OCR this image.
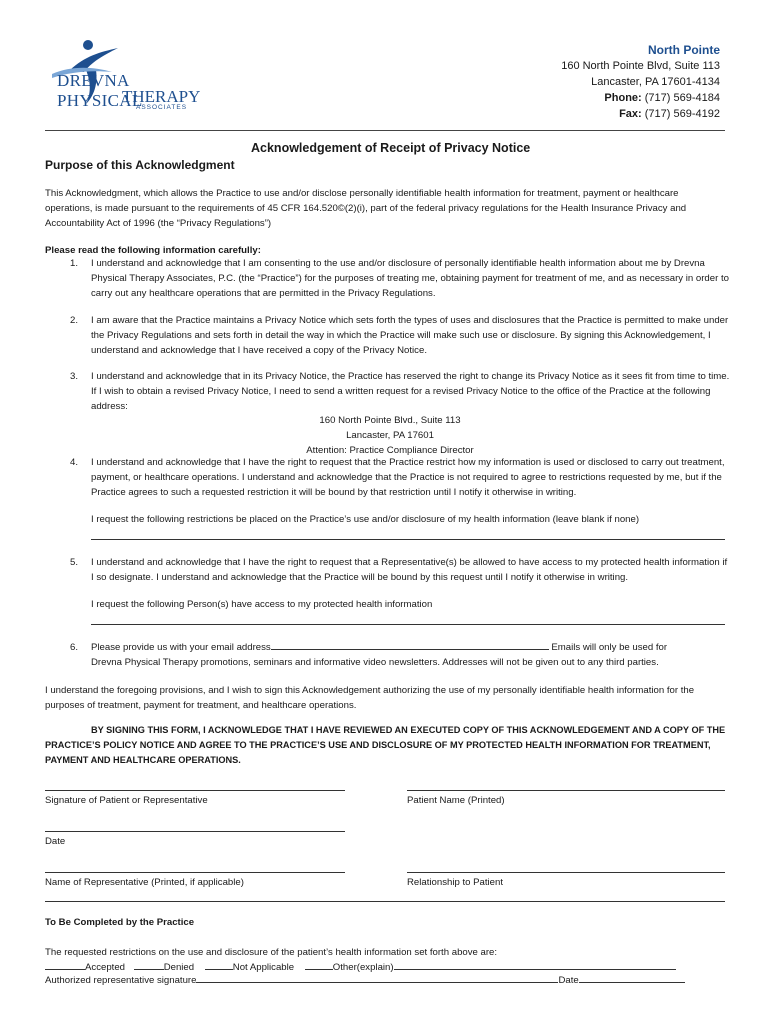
DREVNA PHYSICAL
THERAPY
ASSOCIATES
North Pointe
160 North Pointe Blvd, Suite 113
Lancaster, PA 17601-4134
Phone: (717) 569-4184
Fax: (717) 569-4192
Acknowledgement of Receipt of Privacy Notice
Purpose of this Acknowledgment
This Acknowledgment, which allows the Practice to use and/or disclose personally identifiable health information for treatment, payment or healthcare operations, is made pursuant to the requirements of 45 CFR 164.520©(2)(i), part of the federal privacy regulations for the Health Insurance Privacy and Accountability Act of 1996 (the “Privacy Regulations”)
Please read the following information carefully:
1. I understand and acknowledge that I am consenting to the use and/or disclosure of personally identifiable health information about me by Drevna Physical Therapy Associates, P.C. (the “Practice”) for the purposes of treating me, obtaining payment for treatment of me, and as necessary in order to carry out any healthcare operations that are permitted in the Privacy Regulations.
2. I am aware that the Practice maintains a Privacy Notice which sets forth the types of uses and disclosures that the Practice is permitted to make under the Privacy Regulations and sets forth in detail the way in which the Practice will make such use or disclosure. By signing this Acknowledgement, I understand and acknowledge that I have received a copy of the Privacy Notice.
3. I understand and acknowledge that in its Privacy Notice, the Practice has reserved the right to change its Privacy Notice as it sees fit from time to time. If I wish to obtain a revised Privacy Notice, I need to send a written request for a revised Privacy Notice to the office of the Practice at the following address:
160 North Pointe Blvd., Suite 113
Lancaster, PA 17601
Attention: Practice Compliance Director
4. I understand and acknowledge that I have the right to request that the Practice restrict how my information is used or disclosed to carry out treatment, payment, or healthcare operations. I understand and acknowledge that the Practice is not required to agree to restrictions requested by me, but if the Practice agrees to such a requested restriction it will be bound by that restriction until I notify it otherwise in writing.
I request the following restrictions be placed on the Practice’s use and/or disclosure of my health information (leave blank if none)
5. I understand and acknowledge that I have the right to request that a Representative(s) be allowed to have access to my protected health information if I so designate. I understand and acknowledge that the Practice will be bound by this request until I notify it otherwise in writing.
I request the following Person(s) have access to my protected health information
6. Please provide us with your email address	Emails will only be used for
Drevna Physical Therapy promotions, seminars and informative video newsletters. Addresses will not be given out to any third parties.
I understand the foregoing provisions, and I wish to sign this Acknowledgement authorizing the use of my personally identifiable health information for the purposes of treatment, payment for treatment, and healthcare operations.
BY SIGNING THIS FORM, I ACKNOWLEDGE THAT I HAVE REVIEWED AN EXECUTED COPY OF THIS ACKNOWLEDGEMENT AND A COPY OF THE PRACTICE’S POLICY NOTICE AND AGREE TO THE PRACTICE’S USE AND DISCLOSURE OF MY PROTECTED HEALTH INFORMATION FOR TREATMENT, PAYMENT AND HEALTHCARE OPERATIONS.
Signature of Patient or Representative	Patient Name (Printed)
Date
Name of Representative (Printed, if applicable)	Relationship to Patient
To Be Completed by the Practice
The requested restrictions on the use and disclosure of the patient’s health information set forth above are:
Accepted	Denied	Not Applicable	Other(explain)
Authorized representative signature	Date
